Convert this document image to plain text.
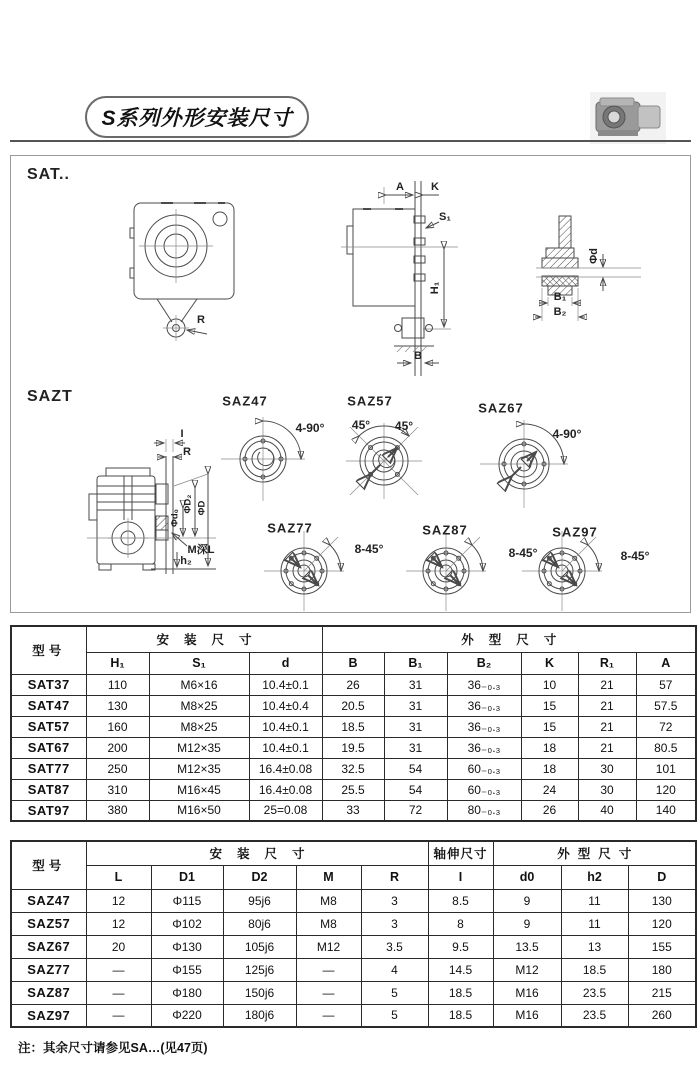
S系列外形安装尺寸
SAT..
SAZT
R
A K
S₁
H₁
B
Φd
B₁
B₂
I
R
Φd₀
ΦD₂ ΦD
M深L
h₂
SAZ47
4-90°
SAZ57
45° 45°
SAZ67
4-90°
SAZ77
8-45°
SAZ87
8-45°
SAZ97
8-45°
型号	安装尺寸			外型尺寸					
	H₁	S₁	d	B	B₁	B₂	K	R₁	A
SAT37	110	M6×16	10.4±0.1	26	31	36₋₀.₃	10	21	57
SAT47	130	M8×25	10.4±0.4	20.5	31	36₋₀.₃	15	21	57.5
SAT57	160	M8×25	10.4±0.1	18.5	31	36₋₀.₃	15	21	72
SAT67	200	M12×35	10.4±0.1	19.5	31	36₋₀.₃	18	21	80.5
SAT77	250	M12×35	16.4±0.08	32.5	54	60₋₀.₃	18	30	101
SAT87	310	M16×45	16.4±0.08	25.5	54	60₋₀.₃	24	30	120
SAT97	380	M16×50	25=0.08	33	72	80₋₀.₃	26	40	140
型号	安装尺寸					轴伸尺寸	外型尺寸		
	L	D1	D2	M	R	I	d0	h2	D
SAZ47	12	Φ115	95j6	M8	3	8.5	9	11	130
SAZ57	12	Φ102	80j6	M8	3	8	9	11	120
SAZ67	20	Φ130	105j6	M12	3.5	9.5	13.5	13	155
SAZ77	—	Φ155	125j6	—	4	14.5	M12	18.5	180
SAZ87	—	Φ180	150j6	—	5	18.5	M16	23.5	215
SAZ97	—	Φ220	180j6	—	5	18.5	M16	23.5	260
注：其余尺寸请参见SA…(见47页)
